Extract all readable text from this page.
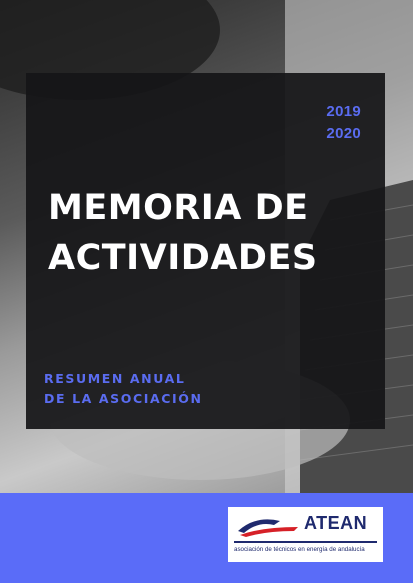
2019
2020
MEMORIA DE
ACTIVIDADES
RESUMEN ANUAL
DE LA ASOCIACIÓN
ATEAN
asociación de técnicos en energía de andalucía
